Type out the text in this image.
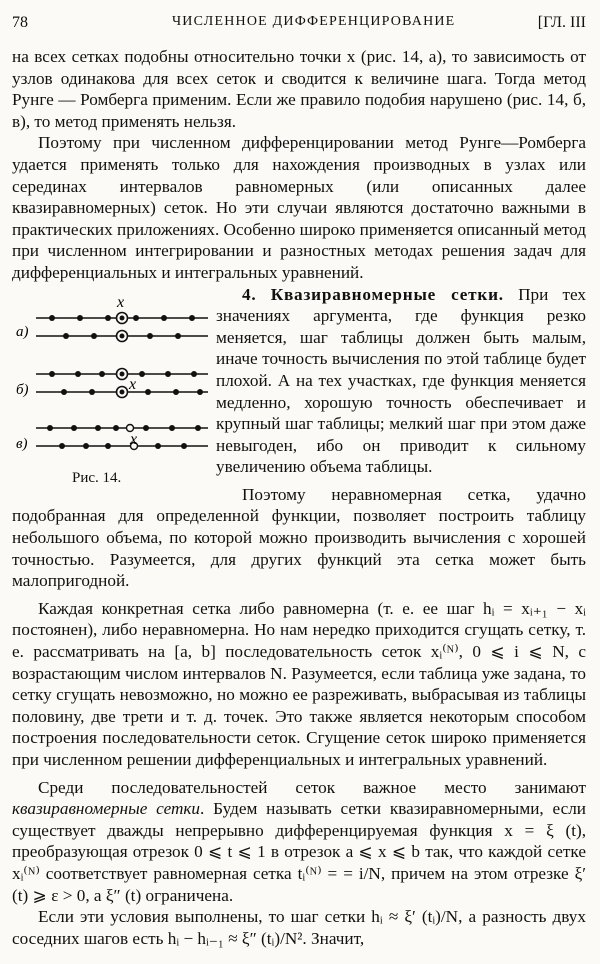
78	ЧИСЛЕННОЕ ДИФФЕРЕНЦИРОВАНИЕ	[ГЛ. III

на всех сетках подобны относительно точки x (рис. 14, а), то зависимость от узлов одинакова для всех сеток и сводится к величине шага. Тогда метод Рунге — Ромберга применим. Если же правило подобия нарушено (рис. 14, б, в), то метод применять нельзя.

Поэтому при численном дифференцировании метод Рунге—Ромберга удается применять только для нахождения производных в узлах или серединах интервалов равномерных (или описанных далее квазиравномерных) сеток. Но эти случаи являются достаточно важными в практических приложениях. Особенно широко применяется описанный метод при численном интегрировании и разностных методах решения задач для дифференциальных и интегральных уравнений.

а)
x
б)	x
в)	x
Рис. 14.

4. Квазиравномерные сетки. При тех значениях аргумента, где функция резко меняется, шаг таблицы должен быть малым, иначе точность вычисления по этой таблице будет плохой. А на тех участках, где функция меняется медленно, хорошую точность обеспечивает и крупный шаг таблицы; мелкий шаг при этом даже невыгоден, ибо он приводит к сильному увеличению объема таблицы.

Поэтому неравномерная сетка, удачно подобранная для определенной функции, позволяет построить таблицу небольшого объема, по которой можно производить вычисления с хорошей точностью. Разумеется, для других функций эта сетка может быть малопригодной.

Каждая конкретная сетка либо равномерна (т. е. ее шаг hᵢ = xᵢ₊₁ − xᵢ постоянен), либо неравномерна. Но нам нередко приходится сгущать сетку, т. е. рассматривать на [a, b] последовательность сеток xᵢ⁽ᴺ⁾, 0 ⩽ i ⩽ N, с возрастающим числом интервалов N. Разумеется, если таблица уже задана, то сетку сгущать невозможно, но можно ее разреживать, выбрасывая из таблицы половину, две трети и т. д. точек. Это также является некоторым способом построения последовательности сеток. Сгущение сеток широко применяется при численном решении дифференциальных и интегральных уравнений.

Среди последовательностей сеток важное место занимают квазиравномерные сетки. Будем называть сетки квазиравномерными, если существует дважды непрерывно дифференцируемая функция x = ξ (t), преобразующая отрезок 0 ⩽ t ⩽ 1 в отрезок a ⩽ x ⩽ b так, что каждой сетке xᵢ⁽ᴺ⁾ соответствует равномерная сетка tᵢ⁽ᴺ⁾ = = i/N, причем на этом отрезке ξ′ (t) ⩾ ε > 0, а ξ″ (t) ограничена.

Если эти условия выполнены, то шаг сетки hᵢ ≈ ξ′ (tᵢ)/N, а разность двух соседних шагов есть hᵢ − hᵢ₋₁ ≈ ξ″ (tᵢ)/N². Значит,
